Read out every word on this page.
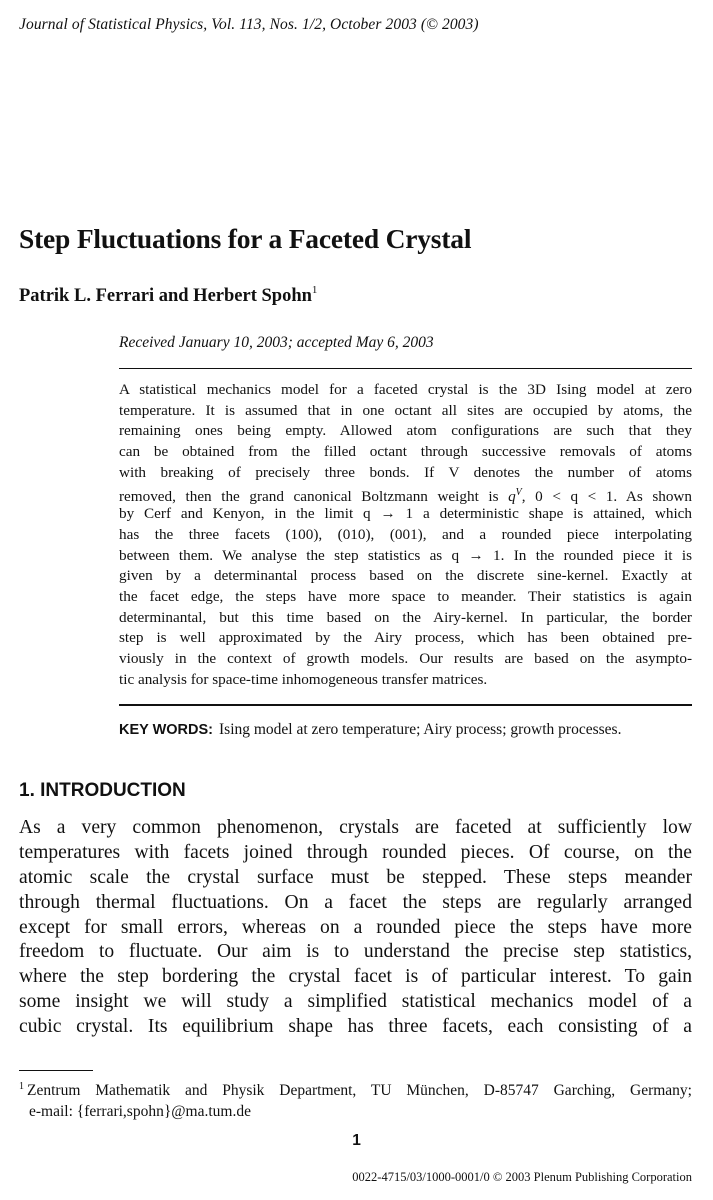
Journal of Statistical Physics, Vol. 113, Nos. 1/2, October 2003 (© 2003)
Step Fluctuations for a Faceted Crystal
Patrik L. Ferrari and Herbert Spohn$^1$
Received January 10, 2003; accepted May 6, 2003
A statistical mechanics model for a faceted crystal is the 3D Ising model at zero
temperature. It is assumed that in one octant all sites are occupied by atoms, the
remaining ones being empty. Allowed atom configurations are such that they
can be obtained from the filled octant through successive removals of atoms
with breaking of precisely three bonds. If V denotes the number of atoms
removed, then the grand canonical Boltzmann weight is $q^V$, 0 < q < 1. As shown
by Cerf and Kenyon, in the limit q → 1 a deterministic shape is attained, which
has the three facets (100), (010), (001), and a rounded piece interpolating
between them. We analyse the step statistics as q → 1. In the rounded piece it is
given by a determinantal process based on the discrete sine-kernel. Exactly at
the facet edge, the steps have more space to meander. Their statistics is again
determinantal, but this time based on the Airy-kernel. In particular, the border
step is well approximated by the Airy process, which has been obtained pre-
viously in the context of growth models. Our results are based on the asympto-
tic analysis for space-time inhomogeneous transfer matrices.
KEY WORDS: Ising model at zero temperature; Airy process; growth processes.
1. INTRODUCTION
As a very common phenomenon, crystals are faceted at sufficiently low
temperatures with facets joined through rounded pieces. Of course, on the
atomic scale the crystal surface must be stepped. These steps meander
through thermal fluctuations. On a facet the steps are regularly arranged
except for small errors, whereas on a rounded piece the steps have more
freedom to fluctuate. Our aim is to understand the precise step statistics,
where the step bordering the crystal facet is of particular interest. To gain
some insight we will study a simplified statistical mechanics model of a
cubic crystal. Its equilibrium shape has three facets, each consisting of a
$^1$ Zentrum Mathematik and Physik Department, TU München, D-85747 Garching, Germany;
e-mail: {ferrari,spohn}@ma.tum.de
1
0022-4715/03/1000-0001/0 © 2003 Plenum Publishing Corporation
